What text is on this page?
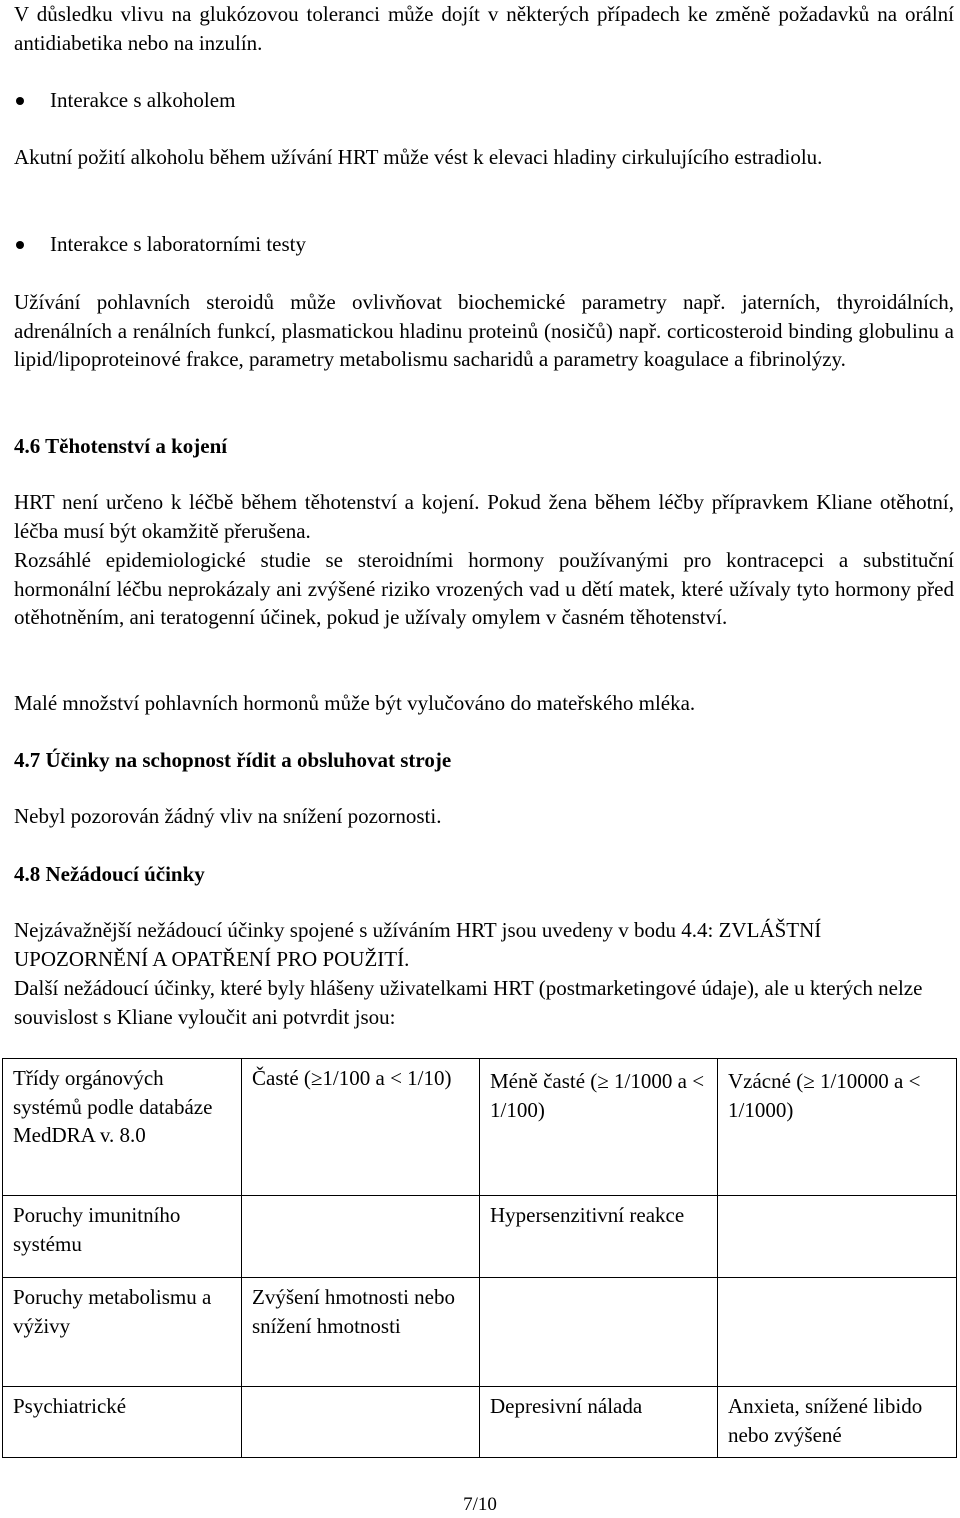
V důsledku vlivu na glukózovou toleranci může dojít v některých případech ke změně požadavků na orální antidiabetika nebo na inzulín.

Interakce s alkoholem

Akutní požití alkoholu během užívání HRT může vést k elevaci hladiny cirkulujícího estradiolu.

Interakce s laboratorními testy

Užívání pohlavních steroidů může ovlivňovat biochemické parametry např. jaterních, thyroidálních, adrenálních a renálních funkcí, plasmatickou hladinu proteinů (nosičů) např. corticosteroid binding globulinu a lipid/lipoproteinové frakce, parametry metabolismu sacharidů a parametry koagulace a fibrinolýzy.

4.6 Těhotenství a kojení

HRT není určeno k léčbě během těhotenství a kojení. Pokud žena během léčby přípravkem Kliane otěhotní, léčba musí být okamžitě přerušena.

Rozsáhlé epidemiologické studie se steroidními hormony používanými pro kontracepci a substituční hormonální léčbu neprokázaly ani zvýšené riziko vrozených vad u dětí matek, které užívaly tyto hormony před otěhotněním, ani teratogenní účinek, pokud je užívaly omylem v časném těhotenství.

Malé množství pohlavních hormonů může být vylučováno do mateřského mléka.

4.7 Účinky na schopnost řídit a obsluhovat stroje

Nebyl pozorován žádný vliv na snížení pozornosti.

4.8 Nežádoucí účinky

Nejzávažnější nežádoucí účinky spojené s užíváním HRT jsou uvedeny v bodu 4.4: ZVLÁŠTNÍ UPOZORNĚNÍ A OPATŘENÍ PRO POUŽITÍ.

Další nežádoucí účinky, které byly hlášeny uživatelkami HRT (postmarketingové údaje), ale u kterých nelze souvislost s Kliane vyloučit ani potvrdit jsou:

Třídy orgánových systémů podle databáze MedDRA v. 8.0	Časté (≥1/100 a < 1/10)	Méně časté (≥ 1/1000 a < 1/100)	Vzácné (≥ 1/10000 a < 1/1000)
Poruchy imunitního systému		Hypersenzitivní reakce	
Poruchy metabolismu a výživy	Zvýšení hmotnosti nebo snížení hmotnosti		
Psychiatrické		Depresivní nálada	Anxieta, snížené libido nebo zvýšené
7/10
